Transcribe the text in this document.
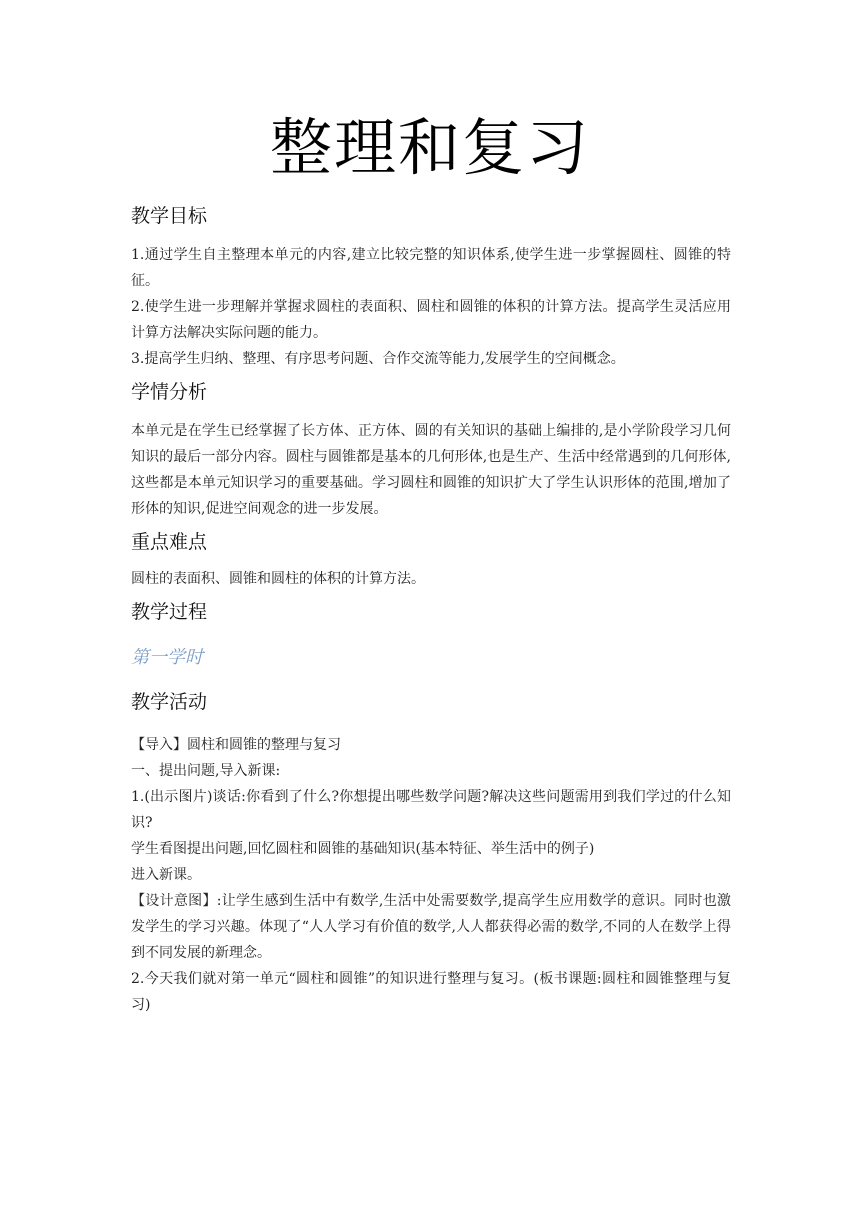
整理和复习
教学目标

1.通过学生自主整理本单元的内容,建立比较完整的知识体系,使学生进一步掌握圆柱、圆锥的特征。

2.使学生进一步理解并掌握求圆柱的表面积、圆柱和圆锥的体积的计算方法。提高学生灵活应用计算方法解决实际问题的能力。

3.提高学生归纳、整理、有序思考问题、合作交流等能力,发展学生的空间概念。

学情分析

本单元是在学生已经掌握了长方体、正方体、圆的有关知识的基础上编排的,是小学阶段学习几何知识的最后一部分内容。圆柱与圆锥都是基本的几何形体,也是生产、生活中经常遇到的几何形体,这些都是本单元知识学习的重要基础。学习圆柱和圆锥的知识扩大了学生认识形体的范围,增加了形体的知识,促进空间观念的进一步发展。

重点难点

圆柱的表面积、圆锥和圆柱的体积的计算方法。

教学过程
第一学时
教学活动

【导入】圆柱和圆锥的整理与复习

一、提出问题,导入新课:

1.(出示图片)谈话:你看到了什么?你想提出哪些数学问题?解决这些问题需用到我们学过的什么知识?

学生看图提出问题,回忆圆柱和圆锥的基础知识(基本特征、举生活中的例子)

进入新课。

【设计意图】:让学生感到生活中有数学,生活中处需要数学,提高学生应用数学的意识。同时也激发学生的学习兴趣。体现了“人人学习有价值的数学,人人都获得必需的数学,不同的人在数学上得到不同发展的新理念。

2.今天我们就对第一单元“圆柱和圆锥”的知识进行整理与复习。(板书课题:圆柱和圆锥整理与复习)
